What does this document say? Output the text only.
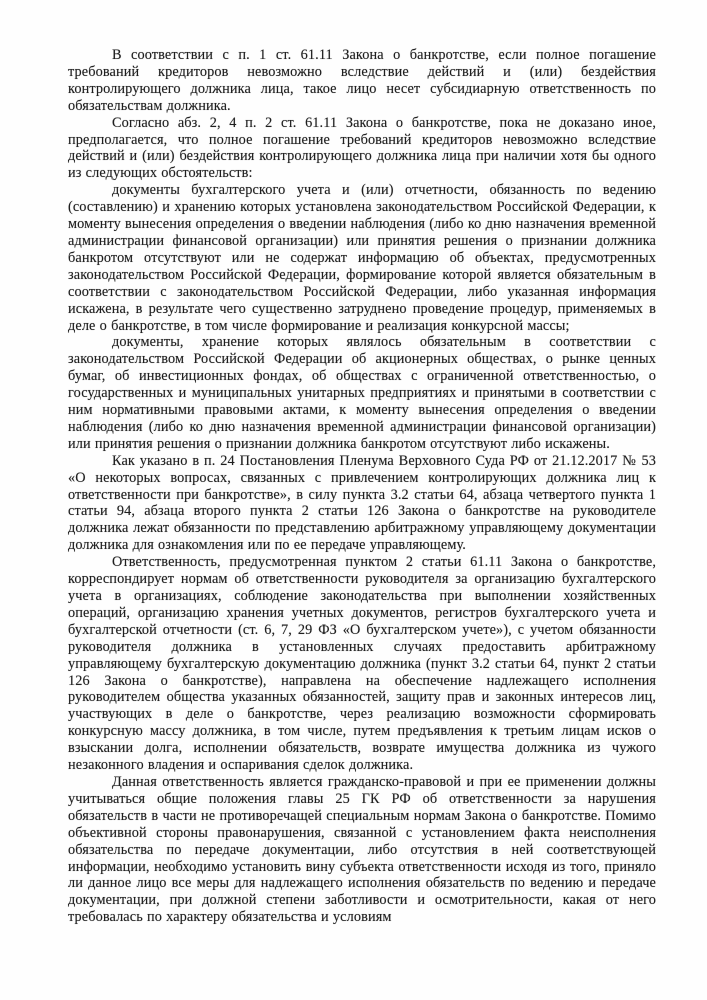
В соответствии с п. 1 ст. 61.11 Закона о банкротстве, если полное погашение требований кредиторов невозможно вследствие действий и (или) бездействия контролирующего должника лица, такое лицо несет субсидиарную ответственность по обязательствам должника.

Согласно абз. 2, 4 п. 2 ст. 61.11 Закона о банкротстве, пока не доказано иное, предполагается, что полное погашение требований кредиторов невозможно вследствие действий и (или) бездействия контролирующего должника лица при наличии хотя бы одного из следующих обстоятельств:

документы бухгалтерского учета и (или) отчетности, обязанность по ведению (составлению) и хранению которых установлена законодательством Российской Федерации, к моменту вынесения определения о введении наблюдения (либо ко дню назначения временной администрации финансовой организации) или принятия решения о признании должника банкротом отсутствуют или не содержат информацию об объектах, предусмотренных законодательством Российской Федерации, формирование которой является обязательным в соответствии с законодательством Российской Федерации, либо указанная информация искажена, в результате чего существенно затруднено проведение процедур, применяемых в деле о банкротстве, в том числе формирование и реализация конкурсной массы;

документы, хранение которых являлось обязательным в соответствии с законодательством Российской Федерации об акционерных обществах, о рынке ценных бумаг, об инвестиционных фондах, об обществах с ограниченной ответственностью, о государственных и муниципальных унитарных предприятиях и принятыми в соответствии с ним нормативными правовыми актами, к моменту вынесения определения о введении наблюдения (либо ко дню назначения временной администрации финансовой организации) или принятия решения о признании должника банкротом отсутствуют либо искажены.

Как указано в п. 24 Постановления Пленума Верховного Суда РФ от 21.12.2017 № 53 «О некоторых вопросах, связанных с привлечением контролирующих должника лиц к ответственности при банкротстве», в силу пункта 3.2 статьи 64, абзаца четвертого пункта 1 статьи 94, абзаца второго пункта 2 статьи 126 Закона о банкротстве на руководителе должника лежат обязанности по представлению арбитражному управляющему документации должника для ознакомления или по ее передаче управляющему.

Ответственность, предусмотренная пунктом 2 статьи 61.11 Закона о банкротстве, корреспондирует нормам об ответственности руководителя за организацию бухгалтерского учета в организациях, соблюдение законодательства при выполнении хозяйственных операций, организацию хранения учетных документов, регистров бухгалтерского учета и бухгалтерской отчетности (ст. 6, 7, 29 ФЗ «О бухгалтерском учете»), с учетом обязанности руководителя должника в установленных случаях предоставить арбитражному управляющему бухгалтерскую документацию должника (пункт 3.2 статьи 64, пункт 2 статьи 126 Закона о банкротстве), направлена на обеспечение надлежащего исполнения руководителем общества указанных обязанностей, защиту прав и законных интересов лиц, участвующих в деле о банкротстве, через реализацию возможности сформировать конкурсную массу должника, в том числе, путем предъявления к третьим лицам исков о взыскании долга, исполнении обязательств, возврате имущества должника из чужого незаконного владения и оспаривания сделок должника.

Данная ответственность является гражданско-правовой и при ее применении должны учитываться общие положения главы 25 ГК РФ об ответственности за нарушения обязательств в части не противоречащей специальным нормам Закона о банкротстве. Помимо объективной стороны правонарушения, связанной с установлением факта неисполнения обязательства по передаче документации, либо отсутствия в ней соответствующей информации, необходимо установить вину субъекта ответственности исходя из того, приняло ли данное лицо все меры для надлежащего исполнения обязательств по ведению и передаче документации, при должной степени заботливости и осмотрительности, какая от него требовалась по характеру обязательства и условиям
